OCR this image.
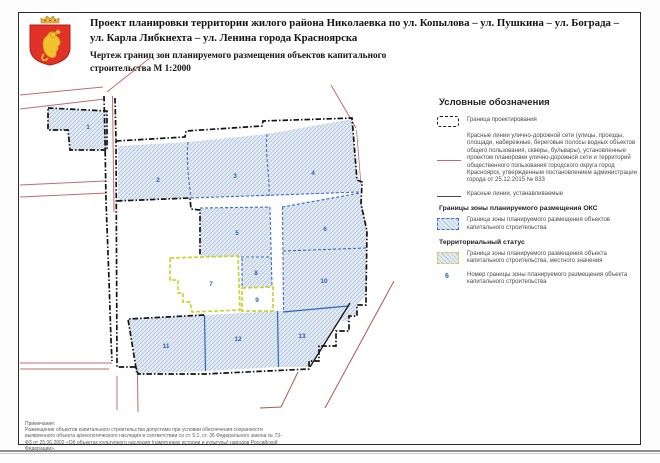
Проект планировки территории жилого района Николаевка по ул. Копылова – ул. Пушкина – ул. Бограда –
ул. Карла Либкнехта – ул. Ленина города Красноярска
Чертеж границ зон планируемого размещения объектов капитального
строительства М 1:2000
1
2
3	4
5
6
7
8
9
10
11
12	13
Условные обозначения
Граница проектирования
Красные линии улично-дорожной сети (улицы, проезды, площади, набережные, береговые полосы водных объектов общего пользования, скверы, бульвары), установленные проектом планировки улично-дорожной сети и территорий общественного пользования городского округа город Красноярск, утвержденным постановлением администрации города от 25.12.2015 № 833
Красные линии, устанавливаемые
Границы зоны планируемого размещения ОКС
Граница зоны планируемого размещения объектов капитального строительства
Территориальный статус
Граница зоны планируемого размещения объекта капитального строительства, местного значения
6	Номер границы зоны планируемого размещения объекта капитального строительства
Примечание:
Размещение объектов капитального строительства допустимо при условии обеспечения сохранности выявленного объекта археологического наследия в соответствии со ст. 5.1, ст. 36 Федерального закона № 73-ФЗ от 25.06.2002 «Об объектах культурного наследия (памятниках истории и культуры) народов Российской Федерации».
